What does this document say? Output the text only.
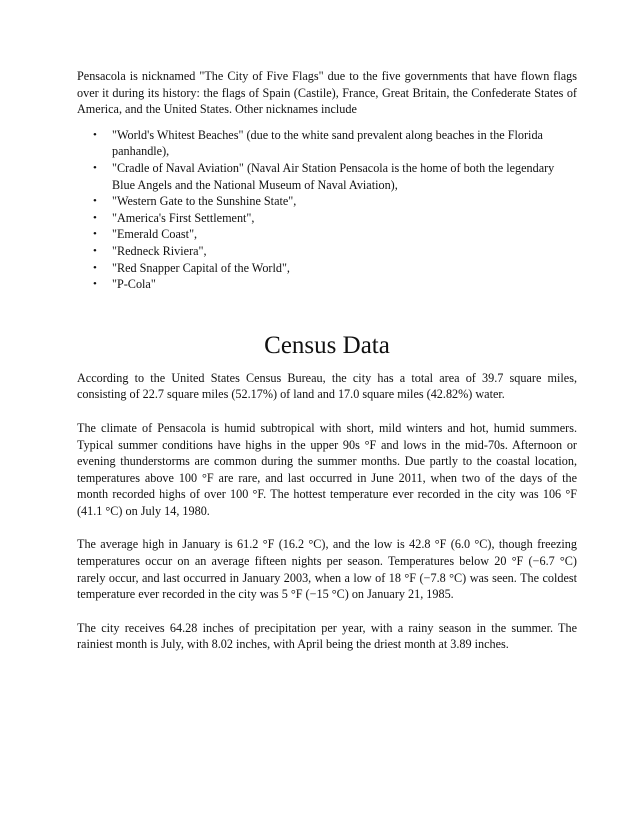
Pensacola is nicknamed "The City of Five Flags" due to the five governments that have flown flags over it during its history: the flags of Spain (Castile), France, Great Britain, the Confederate States of America, and the United States. Other nicknames include

• "World's Whitest Beaches" (due to the white sand prevalent along beaches in the Florida panhandle),
• "Cradle of Naval Aviation" (Naval Air Station Pensacola is the home of both the legendary Blue Angels and the National Museum of Naval Aviation),
• "Western Gate to the Sunshine State",
• "America's First Settlement",
• "Emerald Coast",
• "Redneck Riviera",
• "Red Snapper Capital of the World",
• "P-Cola"
Census Data

According to the United States Census Bureau, the city has a total area of 39.7 square miles, consisting of 22.7 square miles (52.17%) of land and 17.0 square miles (42.82%) water.

The climate of Pensacola is humid subtropical with short, mild winters and hot, humid summers. Typical summer conditions have highs in the upper 90s °F and lows in the mid-70s. Afternoon or evening thunderstorms are common during the summer months. Due partly to the coastal location, temperatures above 100 °F are rare, and last occurred in June 2011, when two of the days of the month recorded highs of over 100 °F. The hottest temperature ever recorded in the city was 106 °F (41.1 °C) on July 14, 1980.

The average high in January is 61.2 °F (16.2 °C), and the low is 42.8 °F (6.0 °C), though freezing temperatures occur on an average fifteen nights per season. Temperatures below 20 °F (−6.7 °C) rarely occur, and last occurred in January 2003, when a low of 18 °F (−7.8 °C) was seen. The coldest temperature ever recorded in the city was 5 °F (−15 °C) on January 21, 1985.

The city receives 64.28 inches of precipitation per year, with a rainy season in the summer. The rainiest month is July, with 8.02 inches, with April being the driest month at 3.89 inches.
